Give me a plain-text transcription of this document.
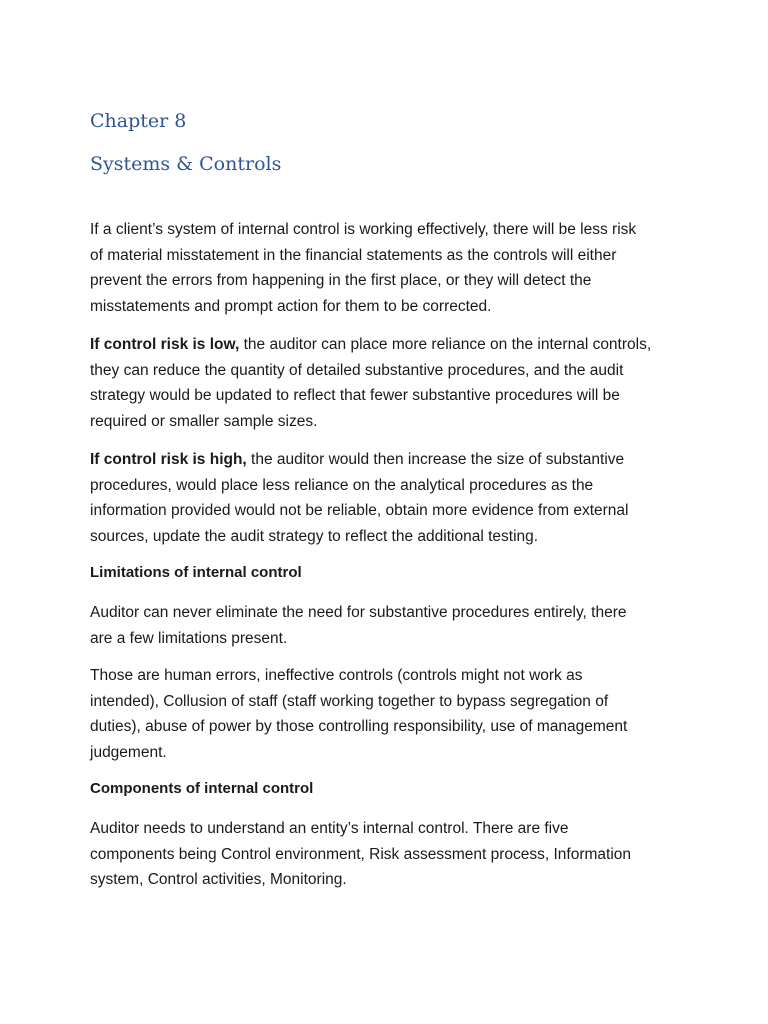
Chapter 8
Systems & Controls

If a client’s system of internal control is working effectively, there will be less risk
of material misstatement in the financial statements as the controls will either
prevent the errors from happening in the first place, or they will detect the
misstatements and prompt action for them to be corrected.

If control risk is low, the auditor can place more reliance on the internal controls,
they can reduce the quantity of detailed substantive procedures, and the audit
strategy would be updated to reflect that fewer substantive procedures will be
required or smaller sample sizes.

If control risk is high, the auditor would then increase the size of substantive
procedures, would place less reliance on the analytical procedures as the
information provided would not be reliable, obtain more evidence from external
sources, update the audit strategy to reflect the additional testing.

Limitations of internal control

Auditor can never eliminate the need for substantive procedures entirely, there
are a few limitations present.

Those are human errors, ineffective controls (controls might not work as
intended), Collusion of staff (staff working together to bypass segregation of
duties), abuse of power by those controlling responsibility, use of management
judgement.

Components of internal control

Auditor needs to understand an entity’s internal control. There are five
components being Control environment, Risk assessment process, Information
system, Control activities, Monitoring.
